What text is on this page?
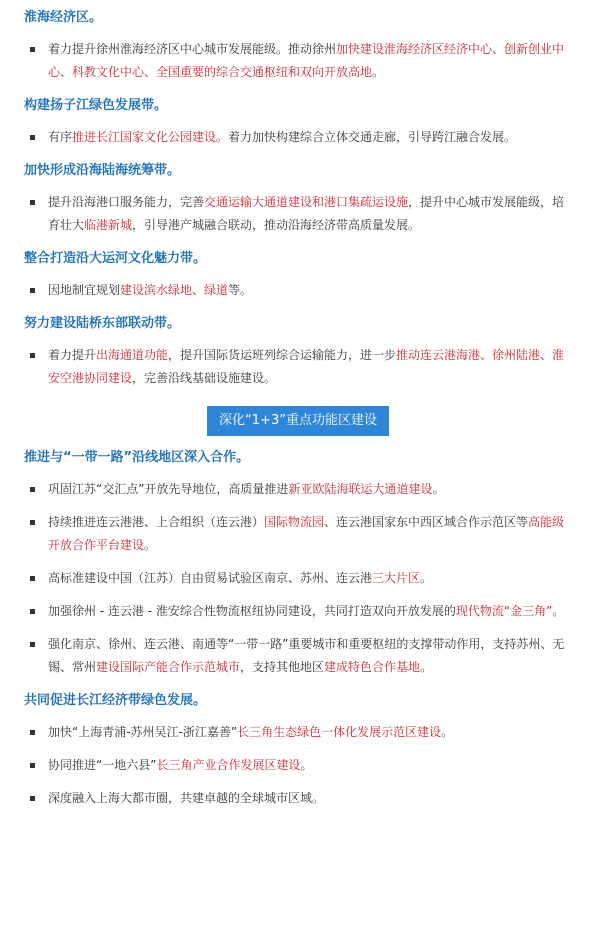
淮海经济区。

着力提升徐州淮海经济区中心城市发展能级。推动徐州加快建设淮海经济区经济中心、创新创业中心、科教文化中心、全国重要的综合交通枢纽和双向开放高地。

构建扬子江绿色发展带。

有序推进长江国家文化公园建设。着力加快构建综合立体交通走廊，引导跨江融合发展。

加快形成沿海陆海统筹带。

提升沿海港口服务能力，完善交通运输大通道建设和港口集疏运设施，提升中心城市发展能级，培育壮大临港新城，引导港产城融合联动，推动沿海经济带高质量发展。

整合打造沿大运河文化魅力带。

因地制宜规划建设滨水绿地、绿道等。

努力建设陆桥东部联动带。

着力提升出海通道功能，提升国际货运班列综合运输能力，进一步推动连云港海港、徐州陆港、淮安空港协同建设，完善沿线基础设施建设。

深化“1+3”重点功能区建设

推进与“一带一路”沿线地区深入合作。

巩固江苏“交汇点”开放先导地位，高质量推进新亚欧陆海联运大通道建设。

持续推进连云港港、上合组织（连云港）国际物流园、连云港国家东中西区域合作示范区等高能级开放合作平台建设。

高标准建设中国（江苏）自由贸易试验区南京、苏州、连云港三大片区。

加强徐州 - 连云港 - 淮安综合性物流枢纽协同建设，共同打造双向开放发展的现代物流“金三角”。

强化南京、徐州、连云港、南通等“一带一路”重要城市和重要枢纽的支撑带动作用，支持苏州、无锡、常州建设国际产能合作示范城市，支持其他地区建成特色合作基地。

共同促进长江经济带绿色发展。

加快“上海青浦-苏州吴江-浙江嘉善”长三角生态绿色一体化发展示范区建设。

协同推进“一地六县”长三角产业合作发展区建设。

深度融入上海大都市圈，共建卓越的全球城市区域。
